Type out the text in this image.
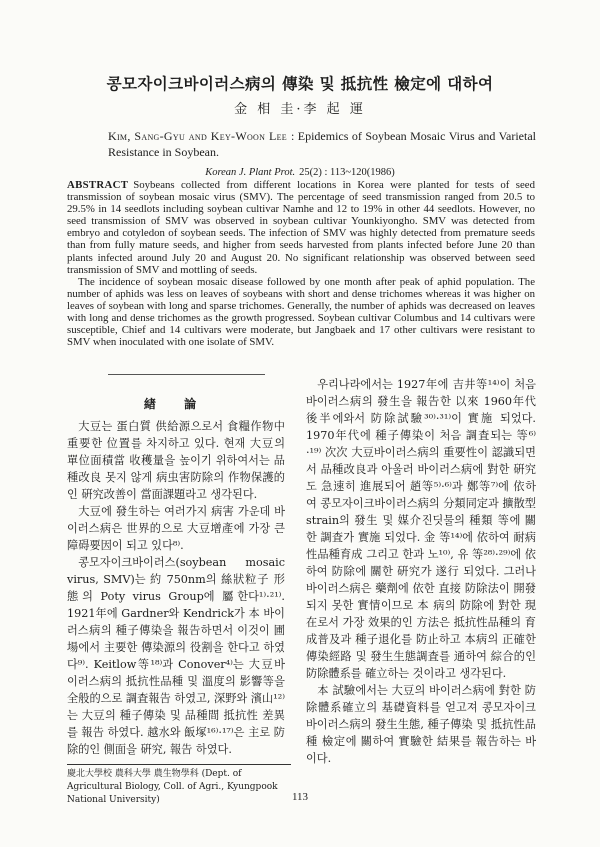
콩모자이크바이러스病의 傳染 및 抵抗性 檢定에 대하여
金 相 圭·李 起 運
Kim, Sang-Gyu and Key-Woon Lee : Epidemics of Soybean Mosaic Virus and Varietal Resistance in Soybean.
Korean J. Plant Prot. 25(2) : 113~120(1986)

ABSTRACT Soybeans collected from different locations in Korea were planted for tests of seed transmission of soybean mosaic virus (SMV). The percentage of seed transmission ranged from 20.5 to 29.5% in 14 seedlots including soybean cultivar Namhe and 12 to 19% in other 44 seedlots. However, no seed transmission of SMV was observed in soybean cultivar Younkiyongho. SMV was detected from embryo and cotyledon of soybean seeds. The infection of SMV was highly detected from premature seeds than from fully mature seeds, and higher from seeds harvested from plants infected before June 20 than plants infected around July 20 and August 20. No significant relationship was observed between seed transmission of SMV and mottling of seeds.

The incidence of soybean mosaic disease followed by one month after peak of aphid population. The number of aphids was less on leaves of soybeans with short and dense trichomes whereas it was higher on leaves of soybean with long and sparse trichomes. Generally, the number of aphids was decreased on leaves with long and dense trichomes as the growth progressed. Soybean cultivar Columbus and 14 cultivars were susceptible, Chief and 14 cultivars were moderate, but Jangbaek and 17 other cultivars were resistant to SMV when inoculated with one isolate of SMV.

緖 論

大豆는 蛋白質 供給源으로서 食糧作物中 重要한 位置를 차지하고 있다. 현재 大豆의 單位面積當 收穫量을 높이기 위하여서는 品種改良 못지 않게 病虫害防除의 作物保護的인 硏究改善이 當面課題라고 생각된다.

大豆에 發生하는 여러가지 病害 가운데 바이러스病은 世界的으로 大豆增產에 가장 큰 障碍要因이 되고 있다⁸⁾.

콩모자이크바이러스(soybean mosaic virus, SMV)는 約 750nm의 絲狀粒子 形態의 Poty virus Group에 屬한다¹⁾·²¹⁾. 1921年에 Gardner와 Kendrick가 本 바이러스病의 種子傳染을 報告하면서 이것이 圃場에서 主要한 傳染源의 役割을 한다고 하였다⁹⁾. Keitlow等¹⁸⁾과 Conover⁴⁾는 大豆바이러스病의 抵抗性品種 및 溫度의 影響等을 全般的으로 調査報告 하였고, 深野와 濱山¹²⁾는 大豆의 種子傳染 및 品種間 抵抗性 差異를 報告 하였다. 越水와 飯塚¹⁶⁾·¹⁷⁾은 主로 防除的인 側面을 硏究, 報告 하였다.

慶北大學校 農科大學 農生物學科 (Dept. of Agricultural Biology, Coll. of Agri., Kyungpook National University)

우리나라에서는 1927年에 吉井等¹⁴⁾이 처음 바이러스病의 發生을 報告한 以來 1960年代 後半에와서 防除試驗³⁰⁾·³¹⁾이 實施 되었다. 1970年代에 種子傳染이 처음 調査되는 等⁶⁾·¹⁹⁾ 次次 大豆바이러스病의 重要性이 認識되면서 品種改良과 아울러 바이러스病에 對한 硏究도 急速히 進展되어 趙等⁵⁾·⁶⁾과 鄭等⁷⁾에 依하여 콩모자이크바이러스病의 分類同定과 擴散型 strain의 發生 및 媒介진딧물의 種類 等에 關한 調査가 實施 되었다. 金 等¹⁴⁾에 依하여 耐病性品種育成 그리고 한과 노¹⁰⁾, 유 等²⁸⁾·²⁹⁾에 依하여 防除에 關한 硏究가 遂行 되었다. 그러나 바이러스病은 藥劑에 依한 直接 防除法이 開發되지 못한 實情이므로 本 病의 防除에 對한 現在로서 가장 效果的인 方法은 抵抗性品種의 育成普及과 種子退化를 防止하고 本病의 正確한 傳染經路 및 發生生態調査를 通하여 綜合的인 防除體系를 確立하는 것이라고 생각된다.

本 試驗에서는 大豆의 바이러스病에 對한 防除體系確立의 基礎資料를 얻고져 콩모자이크바이러스病의 發生生態, 種子傳染 및 抵抗性品種 檢定에 關하여 實驗한 結果를 報告하는 바이다.

113
